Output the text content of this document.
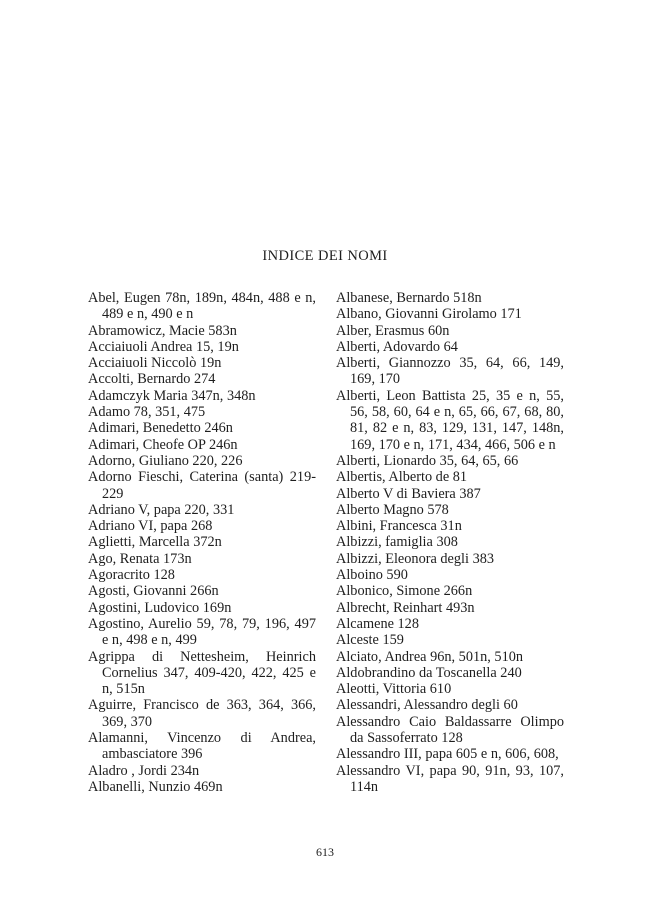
INDICE DEI NOMI

Abel, Eugen 78n, 189n, 484n, 488 e n, 489 e n, 490 e n

Abramowicz, Macie 583n

Acciaiuoli Andrea 15, 19n

Acciaiuoli Niccolò 19n

Accolti, Bernardo 274

Adamczyk Maria 347n, 348n

Adamo 78, 351, 475

Adimari, Benedetto 246n

Adimari, Cheofe OP 246n

Adorno, Giuliano 220, 226

Adorno Fieschi, Caterina (santa) 219-229

Adriano V, papa 220, 331

Adriano VI, papa 268

Aglietti, Marcella 372n

Ago, Renata 173n

Agoracrito 128

Agosti, Giovanni 266n

Agostini, Ludovico 169n

Agostino, Aurelio 59, 78, 79, 196, 497 e n, 498 e n, 499

Agrippa di Nettesheim, Heinrich Cornelius 347, 409-420, 422, 425 e n, 515n

Aguirre, Francisco de 363, 364, 366, 369, 370

Alamanni, Vincenzo di Andrea, ambasciatore 396

Aladro , Jordi 234n

Albanelli, Nunzio 469n

Albanese, Bernardo 518n

Albano, Giovanni Girolamo 171

Alber, Erasmus 60n

Alberti, Adovardo 64

Alberti, Giannozzo 35, 64, 66, 149, 169, 170

Alberti, Leon Battista 25, 35 e n, 55, 56, 58, 60, 64 e n, 65, 66, 67, 68, 80, 81, 82 e n, 83, 129, 131, 147, 148n, 169, 170 e n, 171, 434, 466, 506 e n

Alberti, Lionardo 35, 64, 65, 66

Albertis, Alberto de 81

Alberto V di Baviera 387

Alberto Magno 578

Albini, Francesca 31n

Albizzi, famiglia 308

Albizzi, Eleonora degli 383

Alboino 590

Albonico, Simone 266n

Albrecht, Reinhart 493n

Alcamene 128

Alceste 159

Alciato, Andrea 96n, 501n, 510n

Aldobrandino da Toscanella 240

Aleotti, Vittoria 610

Alessandri, Alessandro degli 60

Alessandro Caio Baldassarre Olimpo da Sassoferrato 128

Alessandro III, papa 605 e n, 606, 608,

Alessandro VI, papa 90, 91n, 93, 107, 114n

613
